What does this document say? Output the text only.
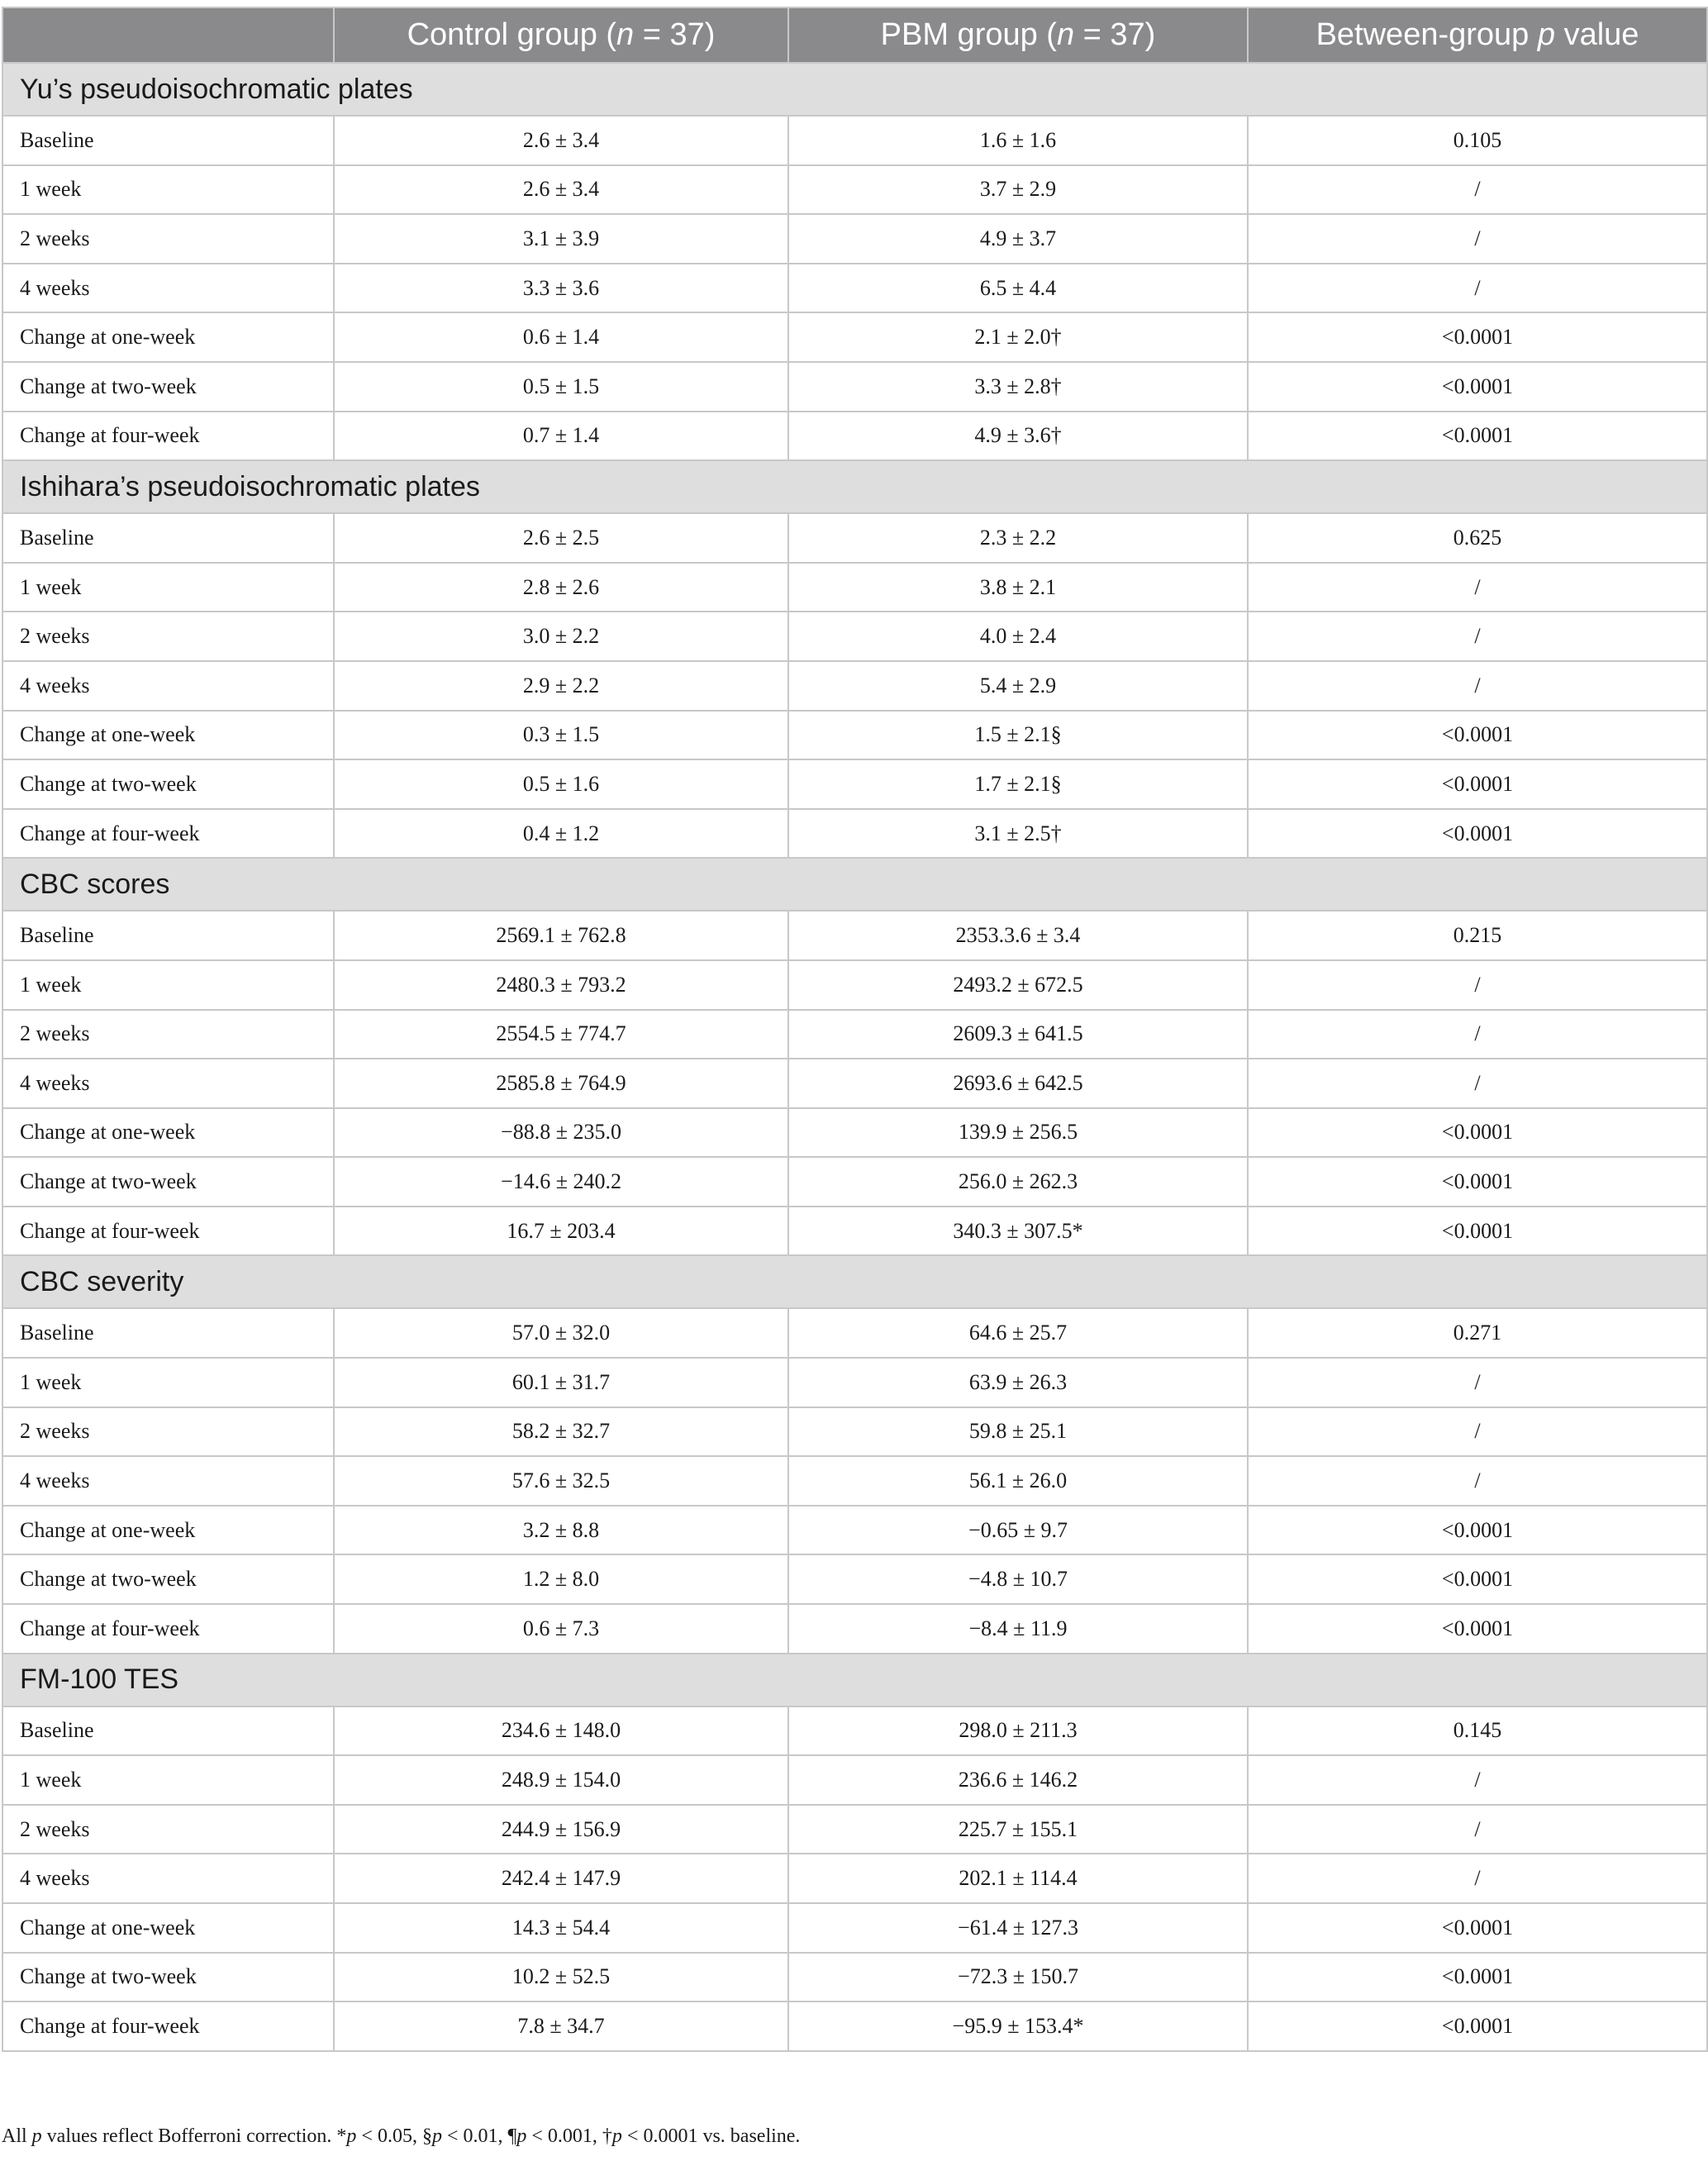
	Control group (n = 37)	PBM group (n = 37)	Between-group p value
Yu’s pseudoisochromatic plates			
Baseline	2.6 ± 3.4	1.6 ± 1.6	0.105
1 week	2.6 ± 3.4	3.7 ± 2.9	/
2 weeks	3.1 ± 3.9	4.9 ± 3.7	/
4 weeks	3.3 ± 3.6	6.5 ± 4.4	/
Change at one-week	0.6 ± 1.4	2.1 ± 2.0†	<0.0001
Change at two-week	0.5 ± 1.5	3.3 ± 2.8†	<0.0001
Change at four-week	0.7 ± 1.4	4.9 ± 3.6†	<0.0001
Ishihara’s pseudoisochromatic plates			
Baseline	2.6 ± 2.5	2.3 ± 2.2	0.625
1 week	2.8 ± 2.6	3.8 ± 2.1	/
2 weeks	3.0 ± 2.2	4.0 ± 2.4	/
4 weeks	2.9 ± 2.2	5.4 ± 2.9	/
Change at one-week	0.3 ± 1.5	1.5 ± 2.1§	<0.0001
Change at two-week	0.5 ± 1.6	1.7 ± 2.1§	<0.0001
Change at four-week	0.4 ± 1.2	3.1 ± 2.5†	<0.0001
CBC scores			
Baseline	2569.1 ± 762.8	2353.3.6 ± 3.4	0.215
1 week	2480.3 ± 793.2	2493.2 ± 672.5	/
2 weeks	2554.5 ± 774.7	2609.3 ± 641.5	/
4 weeks	2585.8 ± 764.9	2693.6 ± 642.5	/
Change at one-week	−88.8 ± 235.0	139.9 ± 256.5	<0.0001
Change at two-week	−14.6 ± 240.2	256.0 ± 262.3	<0.0001
Change at four-week	16.7 ± 203.4	340.3 ± 307.5*	<0.0001
CBC severity			
Baseline	57.0 ± 32.0	64.6 ± 25.7	0.271
1 week	60.1 ± 31.7	63.9 ± 26.3	/
2 weeks	58.2 ± 32.7	59.8 ± 25.1	/
4 weeks	57.6 ± 32.5	56.1 ± 26.0	/
Change at one-week	3.2 ± 8.8	−0.65 ± 9.7	<0.0001
Change at two-week	1.2 ± 8.0	−4.8 ± 10.7	<0.0001
Change at four-week	0.6 ± 7.3	−8.4 ± 11.9	<0.0001
FM-100 TES			
Baseline	234.6 ± 148.0	298.0 ± 211.3	0.145
1 week	248.9 ± 154.0	236.6 ± 146.2	/
2 weeks	244.9 ± 156.9	225.7 ± 155.1	/
4 weeks	242.4 ± 147.9	202.1 ± 114.4	/
Change at one-week	14.3 ± 54.4	−61.4 ± 127.3	<0.0001
Change at two-week	10.2 ± 52.5	−72.3 ± 150.7	<0.0001
Change at four-week	7.8 ± 34.7	−95.9 ± 153.4*	<0.0001
All p values reflect Bofferroni correction. *p < 0.05, §p < 0.01, ¶p < 0.001, †p < 0.0001 vs. baseline.
